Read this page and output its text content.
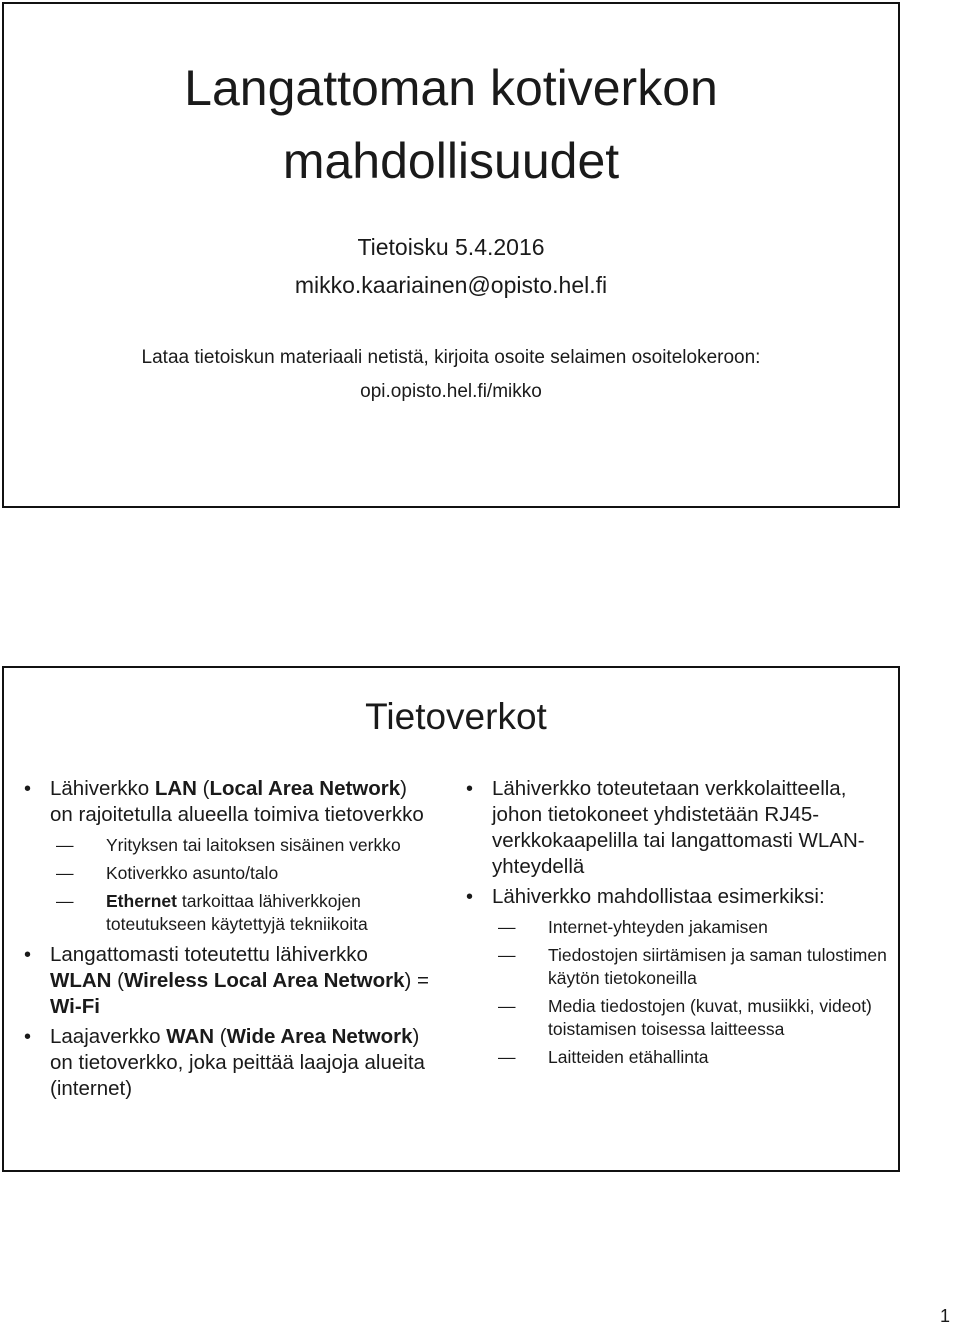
Langattoman kotiverkon
mahdollisuudet
Tietoisku 5.4.2016
mikko.kaariainen@opisto.hel.fi
Lataa tietoiskun materiaali netistä, kirjoita osoite selaimen osoitelokeroon:
opi.opisto.hel.fi/mikko
Tietoverkot
• Lähiverkko LAN (Local Area Network) on rajoitetulla alueella toimiva tietoverkko
— Yrityksen tai laitoksen sisäinen verkko
— Kotiverkko asunto/talo
— Ethernet tarkoittaa lähiverkkojen toteutukseen käytettyjä tekniikoita
• Langattomasti toteutettu lähiverkko WLAN (Wireless Local Area Network) = Wi-Fi
• Laajaverkko WAN (Wide Area Network) on tietoverkko, joka peittää laajoja alueita (internet)
• Lähiverkko toteutetaan verkkolaitteella, johon tietokoneet yhdistetään RJ45-verkkokaapelilla tai langattomasti WLAN-yhteydellä
• Lähiverkko mahdollistaa esimerkiksi:
— Internet-yhteyden jakamisen
— Tiedostojen siirtämisen ja saman tulostimen käytön tietokoneilla
— Media tiedostojen (kuvat, musiikki, videot) toistamisen toisessa laitteessa
— Laitteiden etähallinta
1
